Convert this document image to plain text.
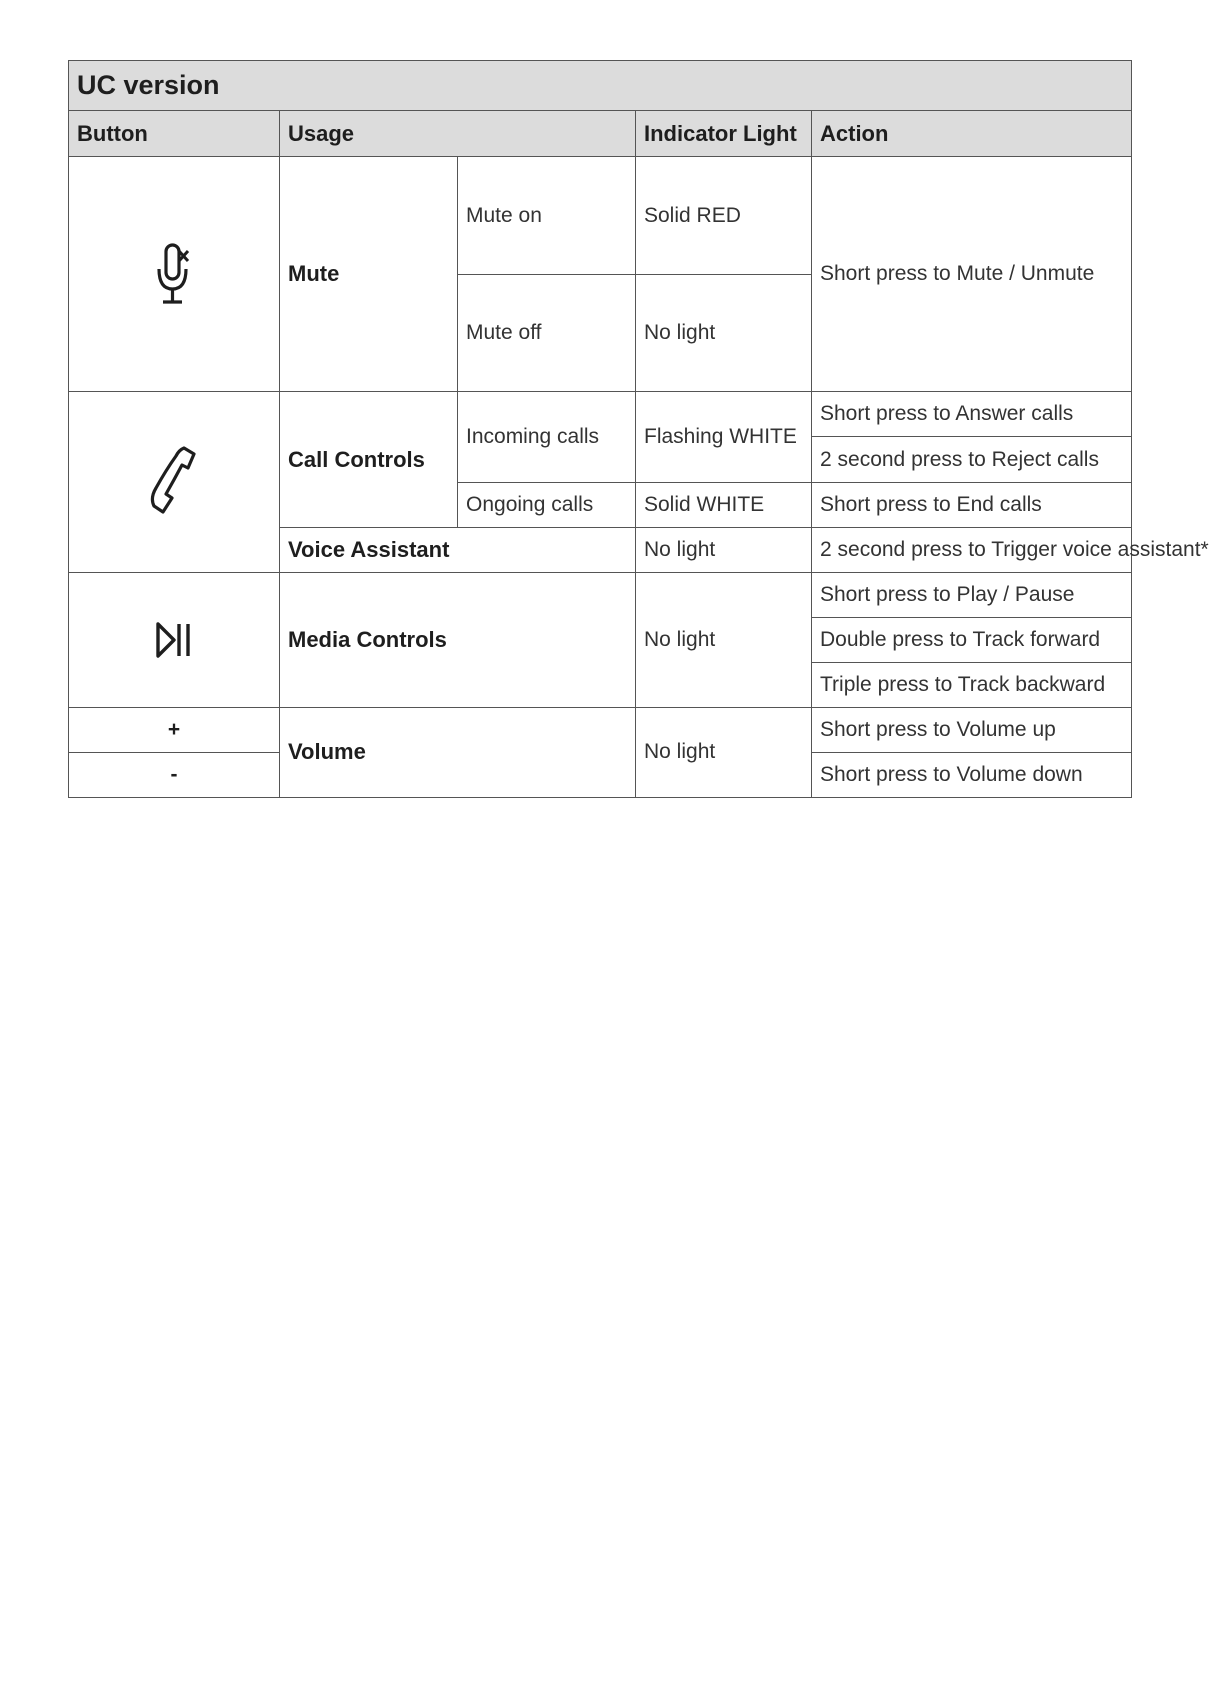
UC version				
Button	Usage		Indicator Light	Action
	Mute	Mute on	Solid RED	Short press to Mute / Unmute
		Mute off	No light	
	Call Controls	Incoming calls	Flashing WHITE	Short press to Answer calls
				2 second press to Reject calls
		Ongoing calls	Solid WHITE	Short press to End calls
	Voice Assistant		No light	2 second press to Trigger voice assistant*
	Media Controls		No light	Short press to Play / Pause
				Double press to Track forward
				Triple press to Track backward
+	Volume		No light	Short press to Volume up
-				Short press to Volume down
